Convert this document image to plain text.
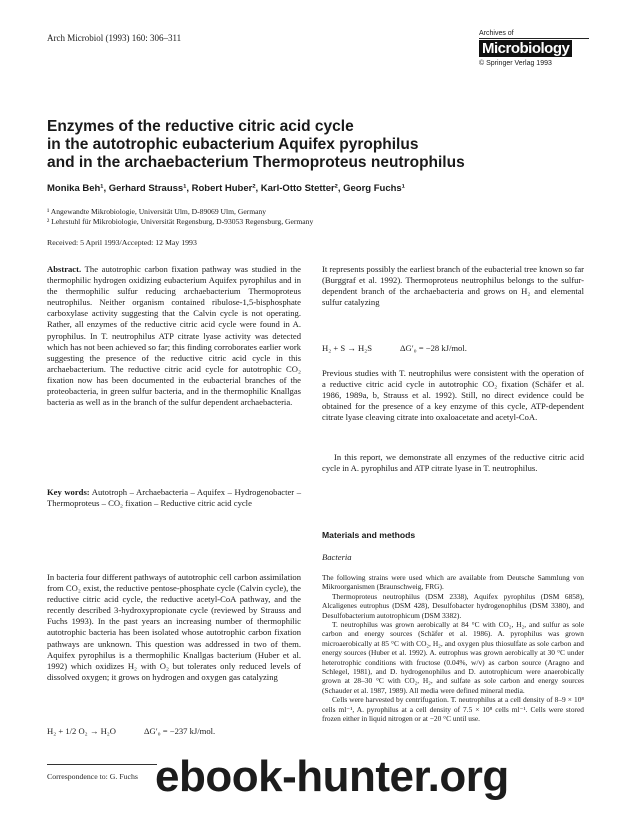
Arch Microbiol (1993) 160: 306–311	Archives of
Microbiology
© Springer Verlag 1993
Enzymes of the reductive citric acid cycle
in the autotrophic eubacterium Aquifex pyrophilus
and in the archaebacterium Thermoproteus neutrophilus
Monika Beh¹, Gerhard Strauss¹, Robert Huber², Karl-Otto Stetter², Georg Fuchs¹
¹ Angewandte Mikrobiologie, Universität Ulm, D-89069 Ulm, Germany
² Lehrstuhl für Mikrobiologie, Universität Regensburg, D-93053 Regensburg, Germany
Received: 5 April 1993/Accepted: 12 May 1993

Abstract. The autotrophic carbon fixation pathway was studied in the thermophilic hydrogen oxidizing eubacterium Aquifex pyrophilus and in the thermophilic sulfur reducing archaebacterium Thermoproteus neutrophilus. Neither organism contained ribulose-1,5-bisphosphate carboxylase activity suggesting that the Calvin cycle is not operating. Rather, all enzymes of the reductive citric acid cycle were found in A. pyrophilus. In T. neutrophilus ATP citrate lyase activity was detected which has not been achieved so far; this finding corroborates earlier work suggesting the presence of the reductive citric acid cycle in this archaebacterium. The reductive citric acid cycle for autotrophic CO₂ fixation now has been documented in the eubacterial branches of the proteobacteria, in green sulfur bacteria, and in the thermophilic Knallgas bacteria as well as in the branch of the sulfur dependent archaebacteria.

Key words: Autotroph – Archaebacteria – Aquifex – Hydrogenobacter – Thermoproteus – CO₂ fixation – Reductive citric acid cycle

In bacteria four different pathways of autotrophic cell carbon assimilation from CO₂ exist, the reductive pentose-phosphate cycle (Calvin cycle), the reductive citric acid cycle, the reductive acetyl-CoA pathway, and the recently described 3-hydroxypropionate cycle (reviewed by Strauss and Fuchs 1993). In the past years an increasing number of thermophilic autotrophic bacteria has been isolated whose autotrophic carbon fixation pathways are unknown. This question was addressed in two of them. Aquifex pyrophilus is a thermophilic Knallgas bacterium (Huber et al. 1992) which oxidizes H₂ with O₂ but tolerates only reduced levels of dissolved oxygen; it grows on hydrogen and oxygen gas catalyzing

H₂ + 1/2 O₂ → H₂O	ΔG′₀ = −237 kJ/mol.
Correspondence to: G. Fuchs

It represents possibly the earliest branch of the eubacterial tree known so far (Burggraf et al. 1992). Thermoproteus neutrophilus belongs to the sulfur-dependent branch of the archaebacteria and grows on H₂ and elemental sulfur catalyzing

H₂ + S → H₂S	ΔG′₀ = −28 kJ/mol.

Previous studies with T. neutrophilus were consistent with the operation of a reductive citric acid cycle in autotrophic CO₂ fixation (Schäfer et al. 1986, 1989a, b, Strauss et al. 1992). Still, no direct evidence could be obtained for the presence of a key enzyme of this cycle, ATP-dependent citrate lyase cleaving citrate into oxaloacetate and acetyl-CoA.

In this report, we demonstrate all enzymes of the reductive citric acid cycle in A. pyrophilus and ATP citrate lyase in T. neutrophilus.

Materials and methods
Bacteria

The following strains were used which are available from Deutsche Sammlung von Mikroorganismen (Braunschweig, FRG).

Thermoproteus neutrophilus (DSM 2338), Aquifex pyrophilus (DSM 6858), Alcaligenes eutrophus (DSM 428), Desulfobacter hydrogenophilus (DSM 3380), and Desulfobacterium autotrophicum (DSM 3382).

T. neutrophilus was grown aerobically at 84 °C with CO₂, H₂, and sulfur as sole carbon and energy sources (Schäfer et al. 1986). A. pyrophilus was grown microaerobically at 85 °C with CO₂, H₂, and oxygen plus thiosulfate as sole carbon and energy sources (Huber et al. 1992). A. eutrophus was grown aerobically at 30 °C under heterotrophic conditions with fructose (0.04%, w/v) as carbon source (Aragno and Schlegel, 1981), and D. hydrogenophilus and D. autotrophicum were anaerobically grown at 28–30 °C with CO₂, H₂, and sulfate as sole carbon and energy sources (Schauder et al. 1987, 1989). All media were defined mineral media.

Cells were harvested by centrifugation. T. neutrophilus at a cell density of 8–9 × 10⁸ cells ml⁻¹, A. pyrophilus at a cell density of 7.5 × 10⁸ cells ml⁻¹. Cells were stored frozen either in liquid nitrogen or at −20 °C until use.

ebook-hunter.org
